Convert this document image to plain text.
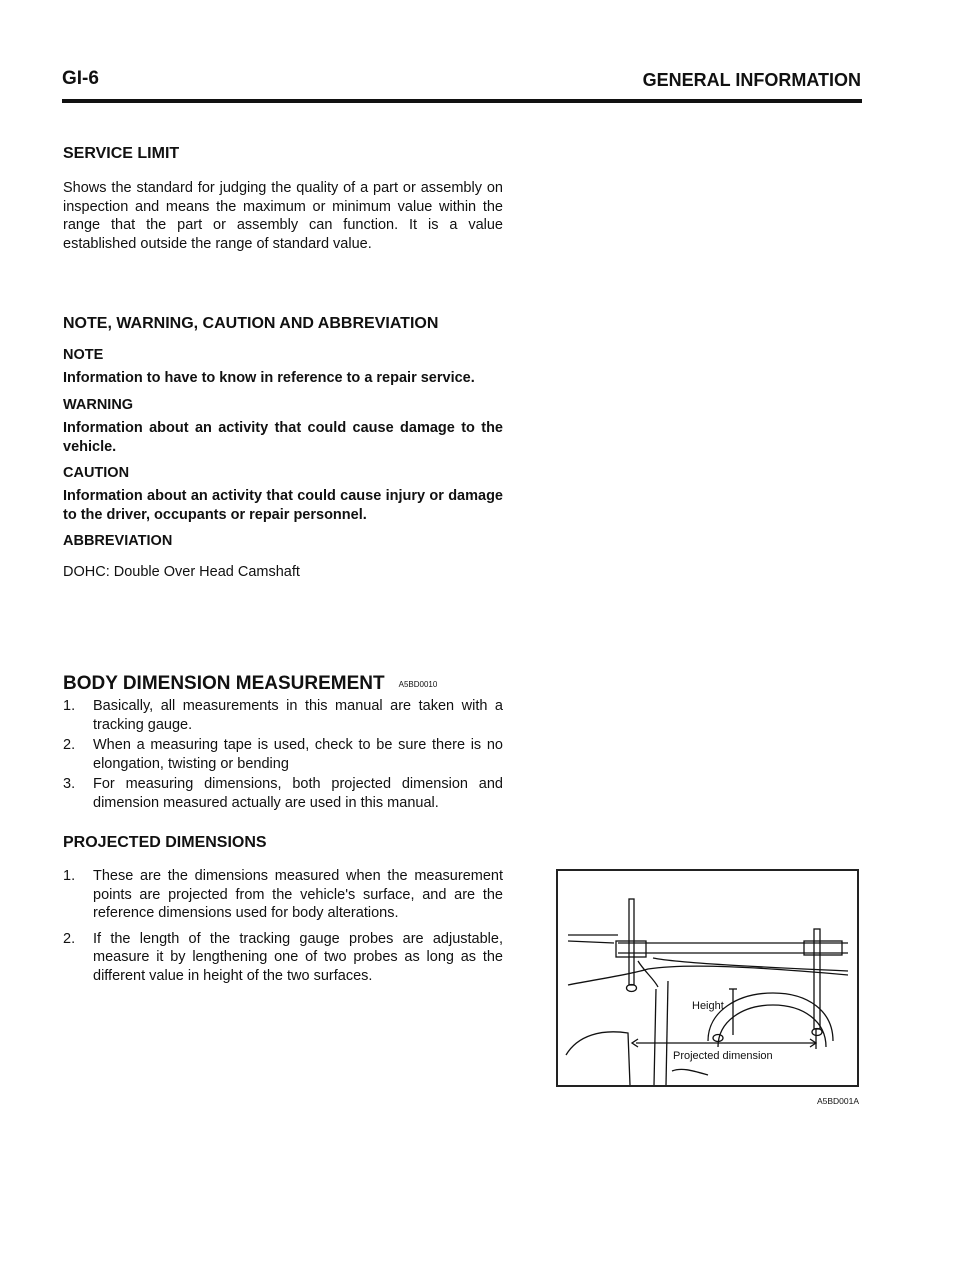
GI-6	GENERAL INFORMATION
SERVICE LIMIT
Shows the standard for judging the quality of a part or assembly on inspection and means the maximum or minimum value within the range that the part or assembly can function. It is a value established outside the range of standard value.
NOTE, WARNING, CAUTION AND ABBREVIATION
NOTE
Information to have to know in reference to a repair service.
WARNING
Information about an activity that could cause damage to the vehicle.
CAUTION
Information about an activity that could cause injury or damage to the driver, occupants or repair personnel.
ABBREVIATION
DOHC: Double Over Head Camshaft
BODY DIMENSION MEASUREMENT A5BD0010
1. Basically, all measurements in this manual are taken with a tracking gauge.
2. When a measuring tape is used, check to be sure there is no elongation, twisting or bending
3. For measuring dimensions, both projected dimension and dimension measured actually are used in this manual.
PROJECTED DIMENSIONS
1. These are the dimensions measured when the measurement points are projected from the vehicle's surface, and are the reference dimensions used for body alterations.
2. If the length of the tracking gauge probes are adjustable, measure it by lengthening one of two probes as long as the different value in height of the two surfaces.
Height
Projected dimension
A5BD001A
